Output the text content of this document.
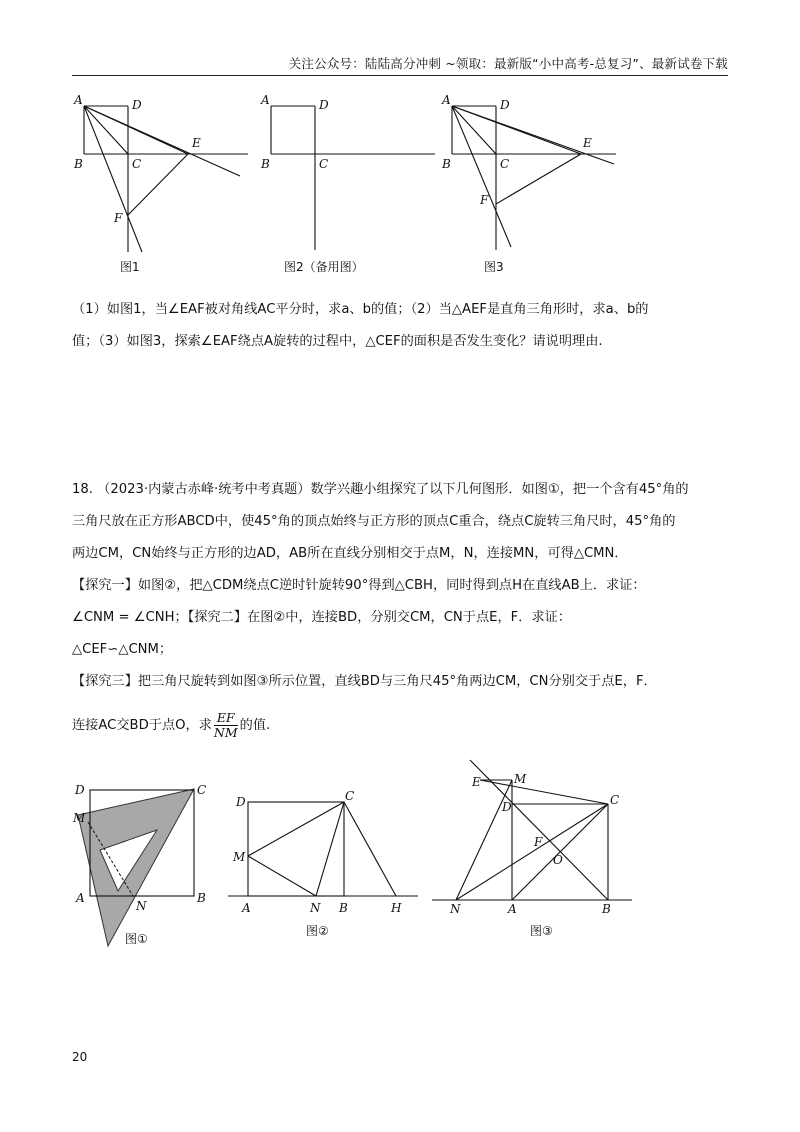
关注公众号：陆陆高分冲刺 ~领取：最新版“小中高考-总复习”、最新试卷下载
A	D
B	C
E
F
图1
A	D
B	C
图2（备用图）
A	D
B	C
E
F
图3
（1）如图1，当∠EAF被对角线AC平分时，求a、b的值；（2）当△AEF是直角三角形时，求a、b的
值；（3）如图3，探索∠EAF绕点A旋转的过程中，△CEF的面积是否发生变化？请说明理由.
18. （2023·内蒙古赤峰·统考中考真题）数学兴趣小组探究了以下几何图形．如图①，把一个含有45°角的
三角尺放在正方形ABCD中，使45°角的顶点始终与正方形的顶点C重合，绕点C旋转三角尺时，45°角的
两边CM，CN始终与正方形的边AD，AB所在直线分别相交于点M，N，连接MN，可得△CMN．
【探究一】如图②，把△CDM绕点C逆时针旋转90°得到△CBH，同时得到点H在直线AB上．求证：
∠CNM = ∠CNH；【探究二】在图②中，连接BD，分别交CM，CN于点E，F．求证：
△CEF∽△CNM；
【探究三】把三角尺旋转到如图③所示位置，直线BD与三角尺45°角两边CM，CN分别交于点E，F．
连接AC交BD于点O，求 $\frac{EF}{NM}$ 的值.
D	C
M
A
N
B
图①
D	C
M
A	N B	H
图②
E	M
D	C
F
O
N	A	B
图③
20
